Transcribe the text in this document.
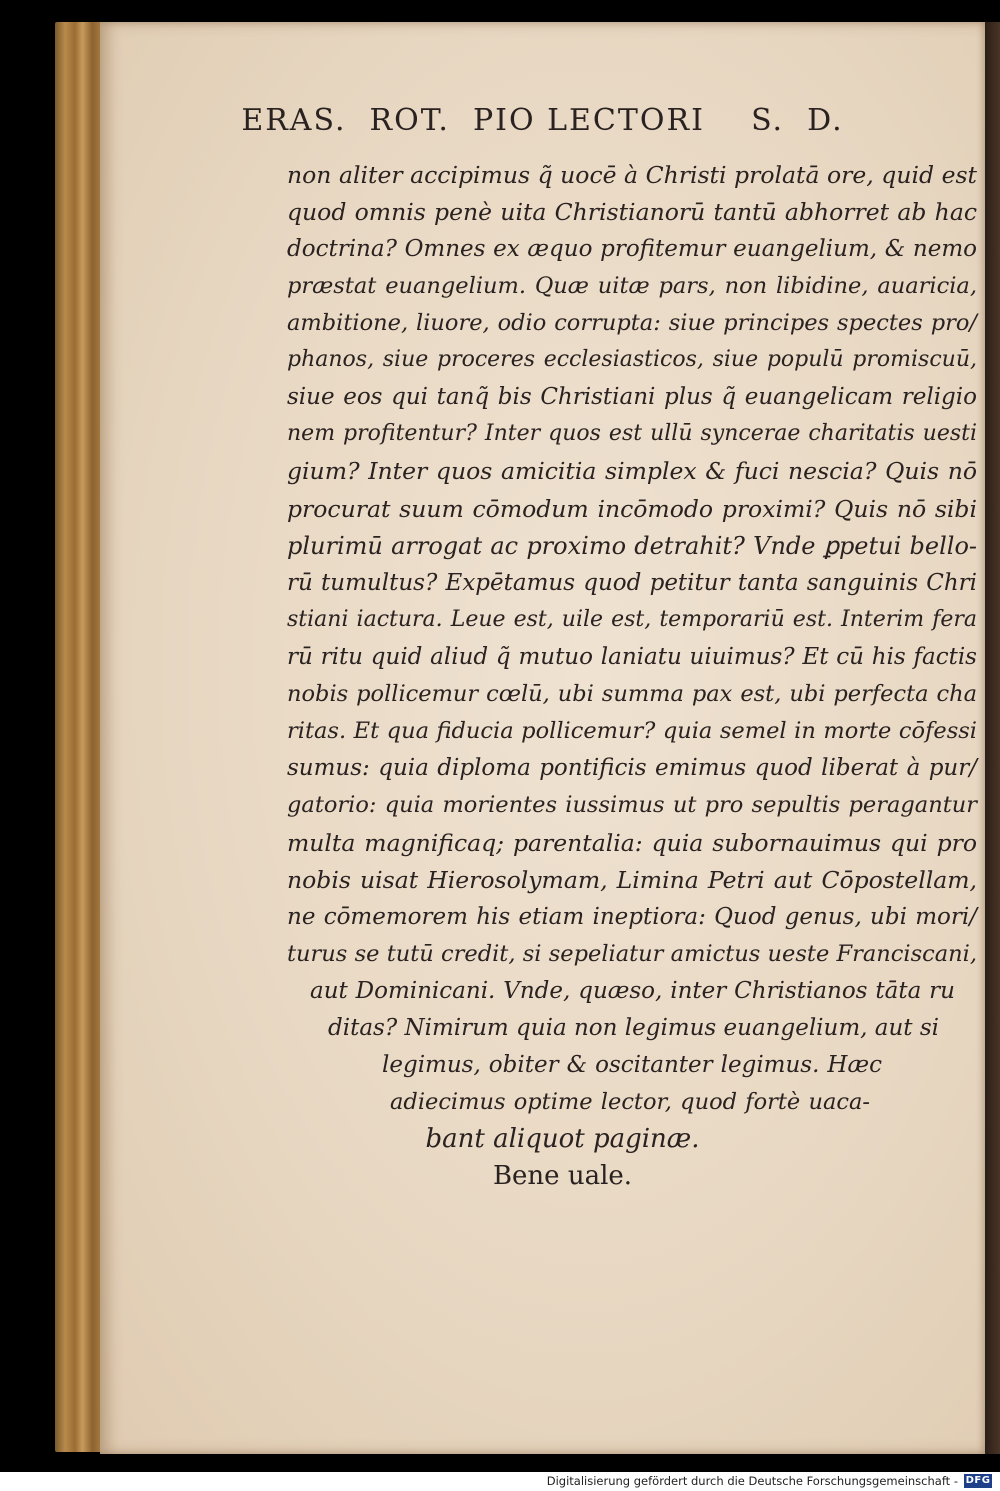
ERAS.  ROT.  PIO LECTORI    S.  D.
non aliter accipimus q̃ uocē à Christi prolatā ore, quid est
quod omnis penè uita Christianorū tantū abhorret ab hac
doctrina? Omnes ex æquo profitemur euangelium, & nemo
præstat euangelium. Quæ uitæ pars, non libidine, auaricia,
ambitione, liuore, odio corrupta: siue principes spectes pro/
phanos, siue proceres ecclesiasticos, siue populū promiscuū,
siue eos qui tanq̃ bis Christiani plus q̃ euangelicam religio
nem profitentur? Inter quos est ullū syncerae charitatis uesti
gium? Inter quos amicitia simplex & fuci nescia? Quis nō
procurat suum cōmodum incōmodo proximi? Quis nō sibi
plurimū arrogat ac proximo detrahit? Vnde ꝑpetui bello-
rū tumultus? Expētamus quod petitur tanta sanguinis Chri
stiani iactura. Leue est, uile est, temporariū est. Interim fera
rū ritu quid aliud q̃ mutuo laniatu uiuimus? Et cū his factis
nobis pollicemur cœlū, ubi summa pax est, ubi perfecta cha
ritas. Et qua fiducia pollicemur? quia semel in morte cōfessi
sumus: quia diploma pontificis emimus quod liberat à pur/
gatorio: quia morientes iussimus ut pro sepultis peragantur
multa magnificaq; parentalia: quia subornauimus qui pro
nobis uisat Hierosolymam, Limina Petri aut Cōpostellam,
ne cōmemorem his etiam ineptiora: Quod genus, ubi mori/
turus se tutū credit, si sepeliatur amictus ueste Franciscani,
aut Dominicani. Vnde, quæso, inter Christianos tāta ru
ditas? Nimirum quia non legimus euangelium, aut si
legimus, obiter & oscitanter legimus. Hæc
adiecimus optime lector, quod fortè uaca-
bant aliquot paginæ.
Bene uale.
Digitalisierung gefördert durch die Deutsche Forschungsgemeinschaft - DFG
